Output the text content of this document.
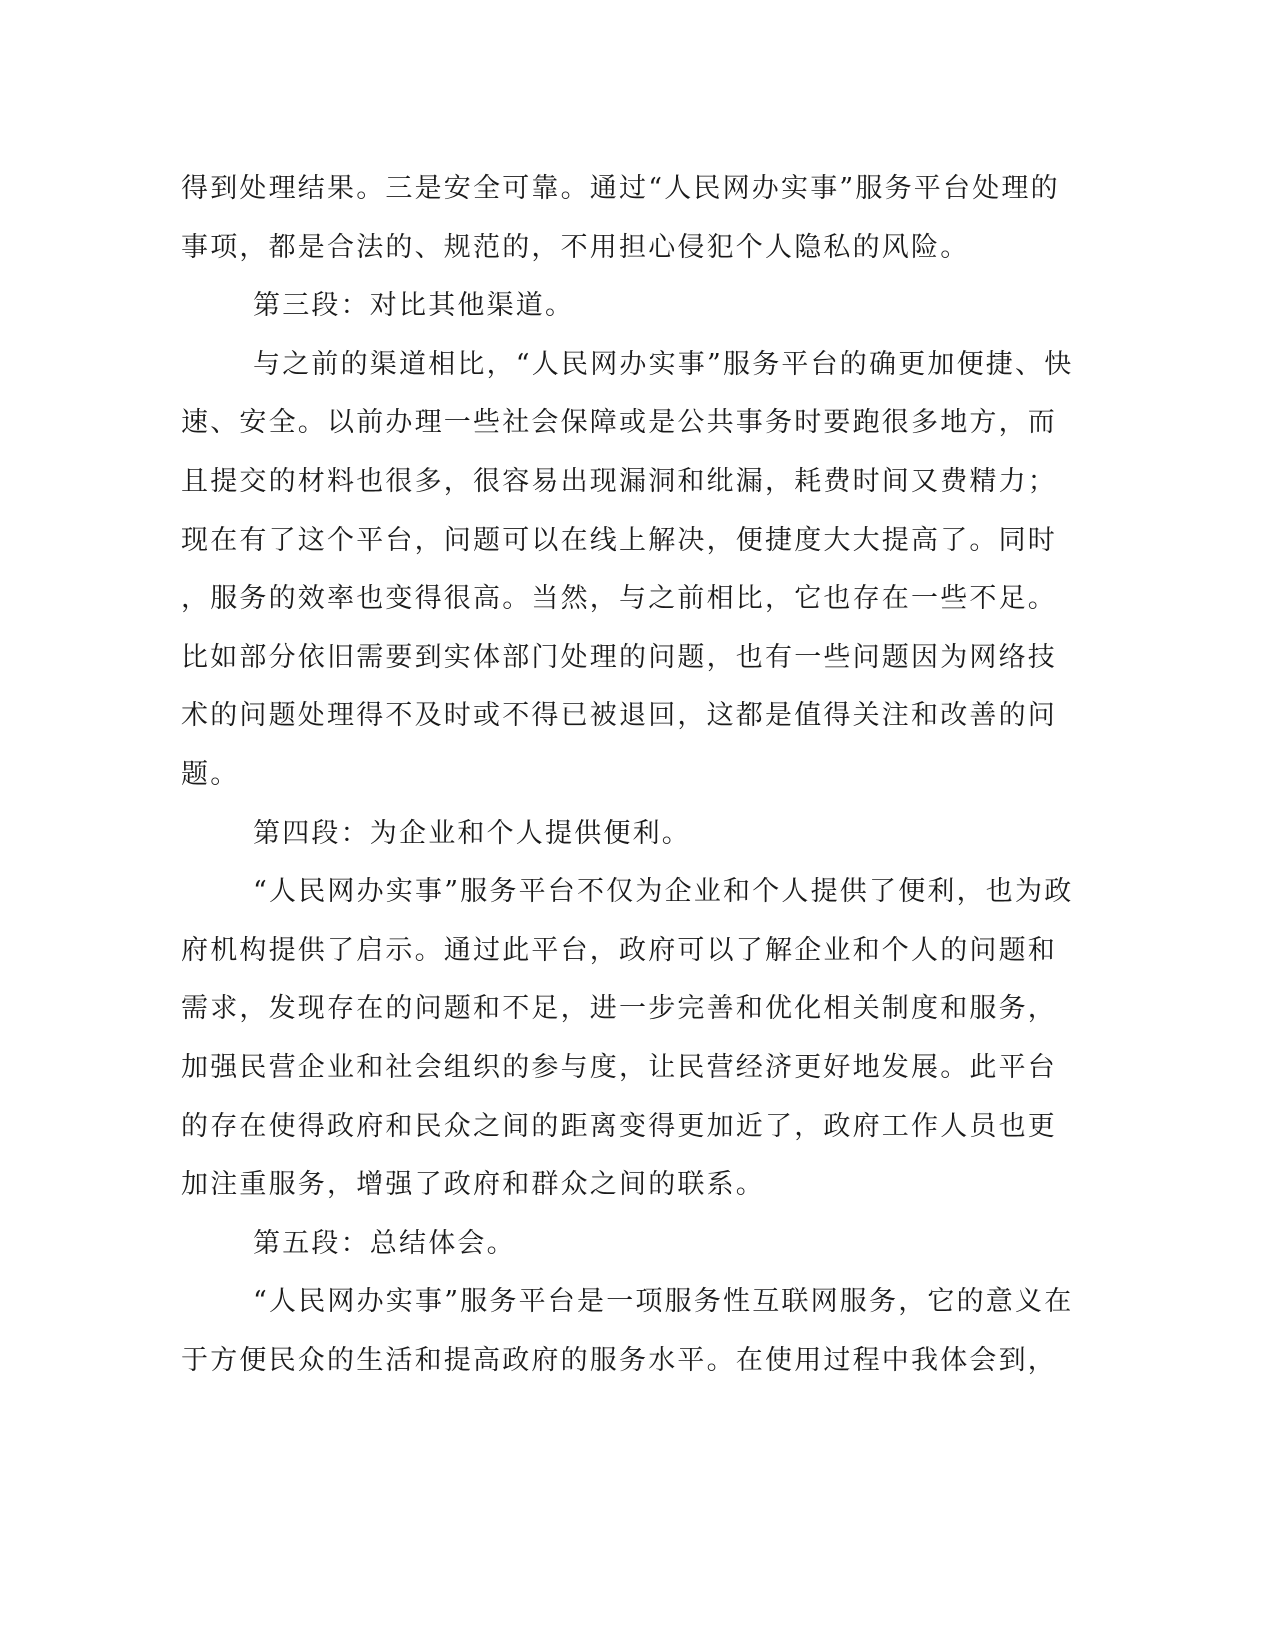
得到处理结果。三是安全可靠。通过“人民网办实事”服务平台处理的
事项，都是合法的、规范的，不用担心侵犯个人隐私的风险。
第三段：对比其他渠道。
与之前的渠道相比，“人民网办实事”服务平台的确更加便捷、快
速、安全。以前办理一些社会保障或是公共事务时要跑很多地方，而
且提交的材料也很多，很容易出现漏洞和纰漏，耗费时间又费精力；
现在有了这个平台，问题可以在线上解决，便捷度大大提高了。同时
，服务的效率也变得很高。当然，与之前相比，它也存在一些不足。
比如部分依旧需要到实体部门处理的问题，也有一些问题因为网络技
术的问题处理得不及时或不得已被退回，这都是值得关注和改善的问
题。
第四段：为企业和个人提供便利。
“人民网办实事”服务平台不仅为企业和个人提供了便利，也为政
府机构提供了启示。通过此平台，政府可以了解企业和个人的问题和
需求，发现存在的问题和不足，进一步完善和优化相关制度和服务，
加强民营企业和社会组织的参与度，让民营经济更好地发展。此平台
的存在使得政府和民众之间的距离变得更加近了，政府工作人员也更
加注重服务，增强了政府和群众之间的联系。
第五段：总结体会。
“人民网办实事”服务平台是一项服务性互联网服务，它的意义在
于方便民众的生活和提高政府的服务水平。在使用过程中我体会到，
